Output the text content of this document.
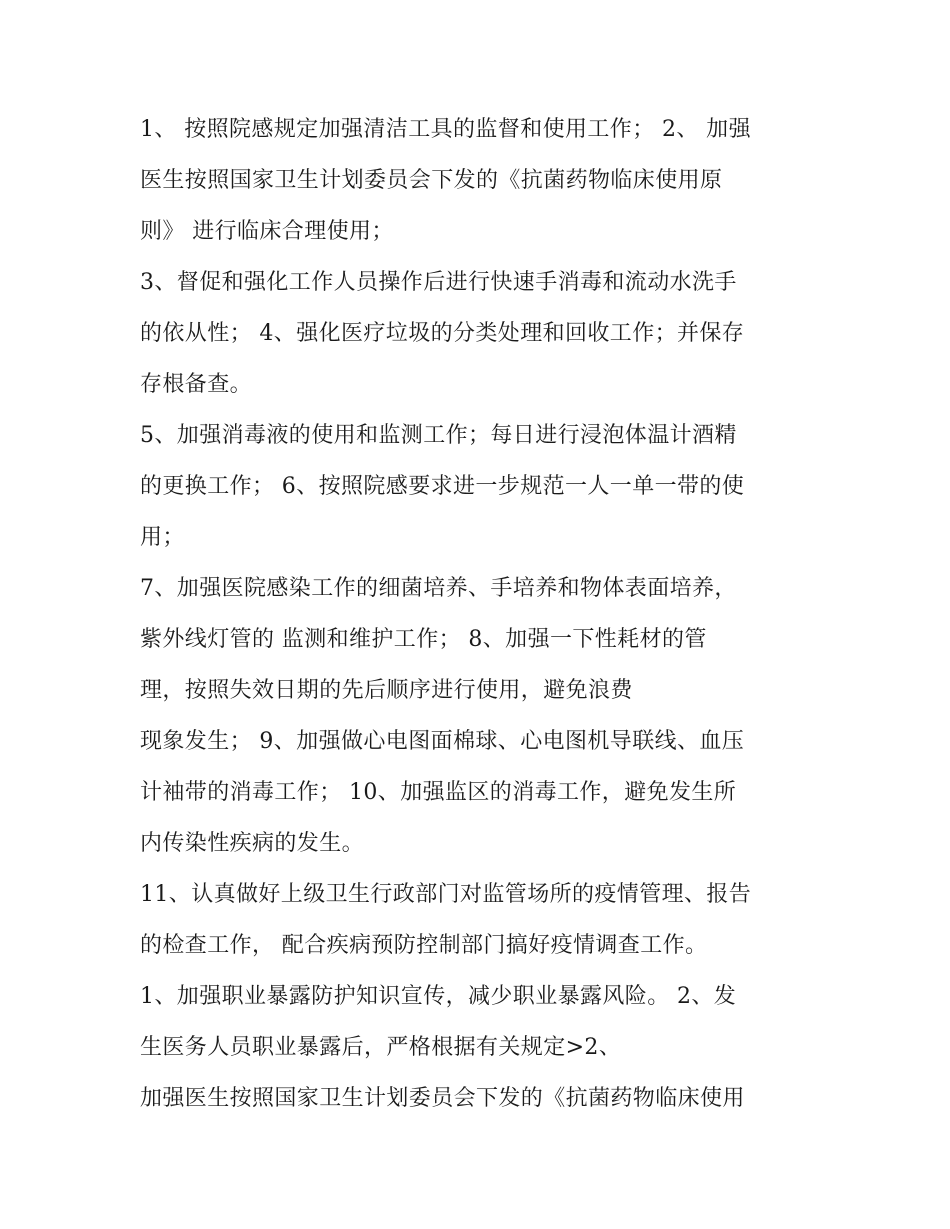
1、 按照院感规定加强清洁工具的监督和使用工作； 2、 加强
医生按照国家卫生计划委员会下发的《抗菌药物临床使用原
则》 进行临床合理使用；
3、督促和强化工作人员操作后进行快速手消毒和流动水洗手
的依从性； 4、强化医疗垃圾的分类处理和回收工作；并保存
存根备查。
5、加强消毒液的使用和监测工作；每日进行浸泡体温计酒精
的更换工作； 6、按照院感要求进一步规范一人一单一带的使
用；
7、加强医院感染工作的细菌培养、手培养和物体表面培养，
紫外线灯管的 监测和维护工作； 8、加强一下性耗材的管
理，按照失效日期的先后顺序进行使用，避免浪费
现象发生； 9、加强做心电图面棉球、心电图机导联线、血压
计袖带的消毒工作； 10、加强监区的消毒工作，避免发生所
内传染性疾病的发生。
11、认真做好上级卫生行政部门对监管场所的疫情管理、报告
的检查工作， 配合疾病预防控制部门搞好疫情调查工作。
1、加强职业暴露防护知识宣传，减少职业暴露风险。 2、发
生医务人员职业暴露后，严格根据有关规定>2、
加强医生按照国家卫生计划委员会下发的《抗菌药物临床使用
